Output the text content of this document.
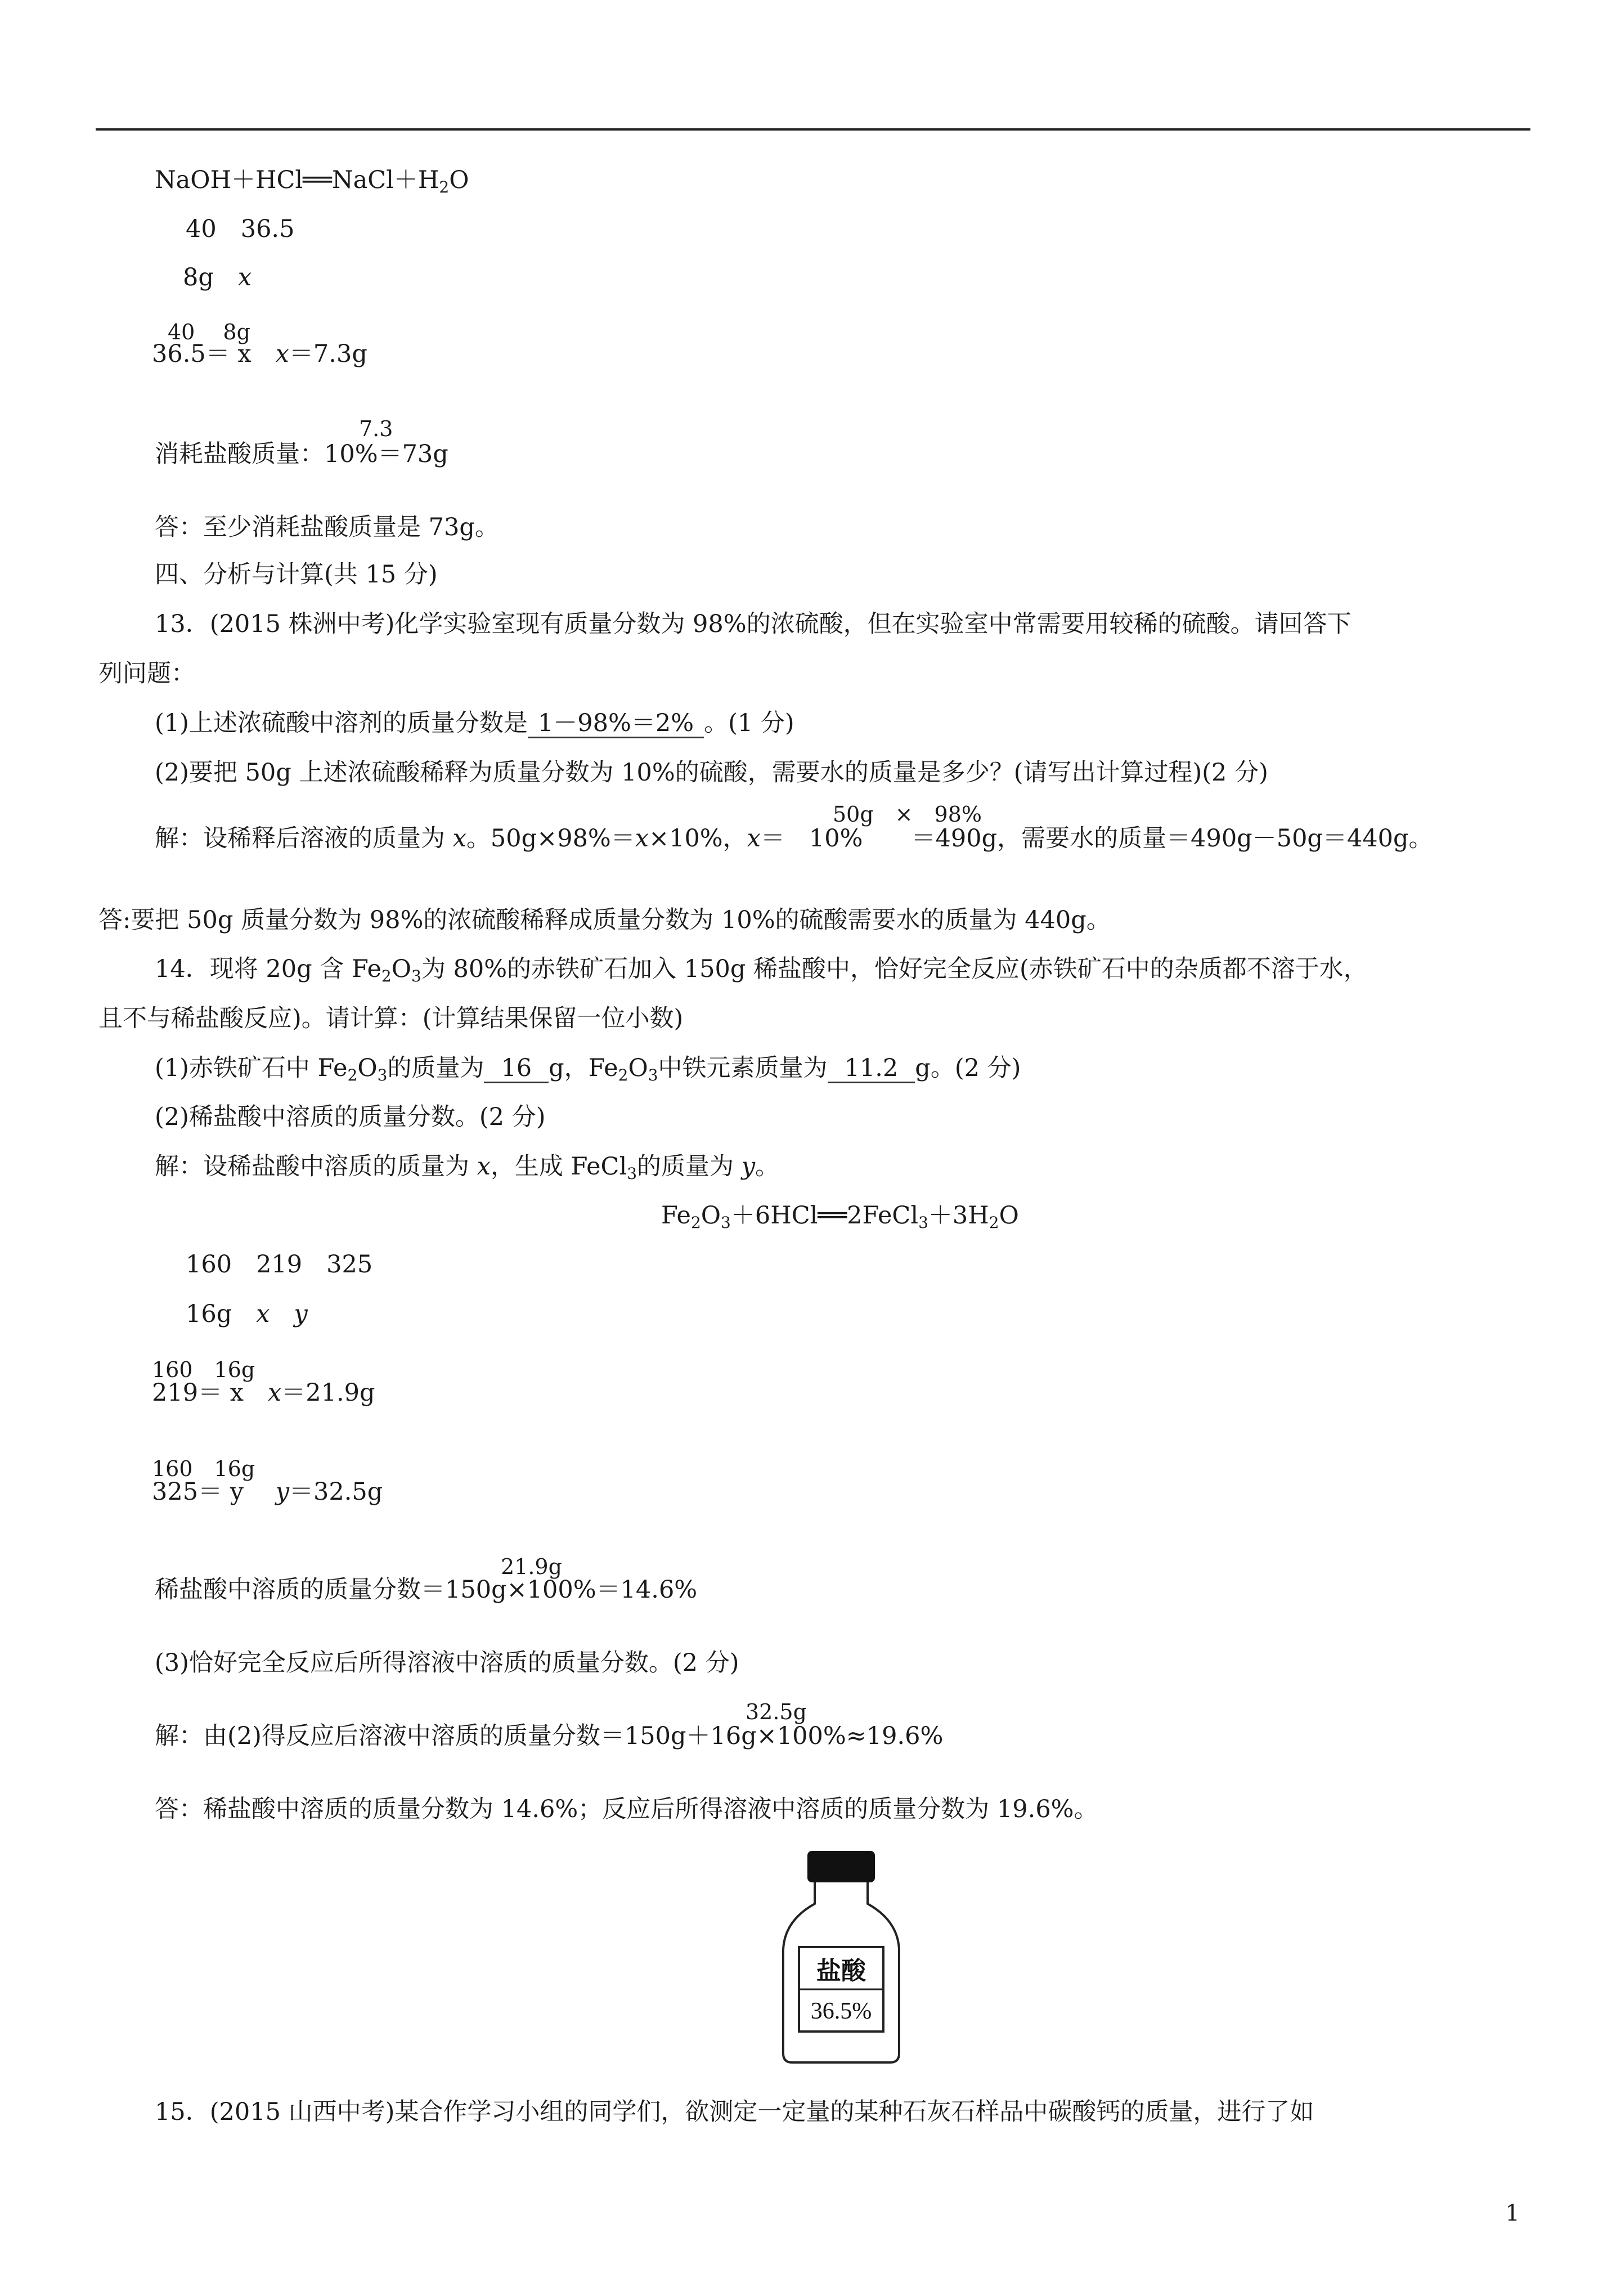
$NaOH+HCl══NaCl+H_2O$
40　36.5
8g　x
40　 8g
36.5＝ x　x＝7.3g
7.3
消耗盐酸质量：10%＝73g
答：至少消耗盐酸质量是 73g。
四、分析与计算(共 15 分)
13．(2015 株洲中考)化学实验室现有质量分数为 98%的浓硫酸，但在实验室中常需要用较稀的硫酸。请回答下
列问题：
(1)上述浓硫酸中溶剂的质量分数是 1－98%＝2% 。(1 分)
(2)要把 50g 上述浓硫酸稀释为质量分数为 10%的硫酸，需要水的质量是多少？(请写出计算过程)(2 分)
50g　×　98%
解：设稀释后溶液的质量为 x。50g×98%＝x×10%，x＝　10%　　＝490g，需要水的质量＝490g－50g＝440g。
答:要把 50g 质量分数为 98%的浓硫酸稀释成质量分数为 10%的硫酸需要水的质量为 440g。
14．现将 20g 含 $Fe_2O_3$为 80%的赤铁矿石加入 150g 稀盐酸中，恰好完全反应(赤铁矿石中的杂质都不溶于水，
且不与稀盐酸反应)。请计算：(计算结果保留一位小数)
(1)赤铁矿石中 $Fe_2O_3$的质量为 16 g，$Fe_2O_3$中铁元素质量为 11.2 g。(2 分)
(2)稀盐酸中溶质的质量分数。(2 分)
解：设稀盐酸中溶质的质量为 x，生成 FeCl$_3$的质量为 y。
$Fe_2O_3+6HCl══2FeCl_3+3H_2O$
160　219　325
16g　x　 y
160　16g
219＝ x　x＝21.9g
160　16g
325＝ y　 y＝32.5g
21.9g
稀盐酸中溶质的质量分数＝150g×100%＝14.6%
(3)恰好完全反应后所得溶液中溶质的质量分数。(2 分)
32.5g
解：由(2)得反应后溶液中溶质的质量分数＝150g＋16g×100%≈19.6%
答：稀盐酸中溶质的质量分数为 14.6%；反应后所得溶液中溶质的质量分数为 19.6%。
盐酸
36.5%
15．(2015 山西中考)某合作学习小组的同学们，欲测定一定量的某种石灰石样品中碳酸钙的质量，进行了如
1
